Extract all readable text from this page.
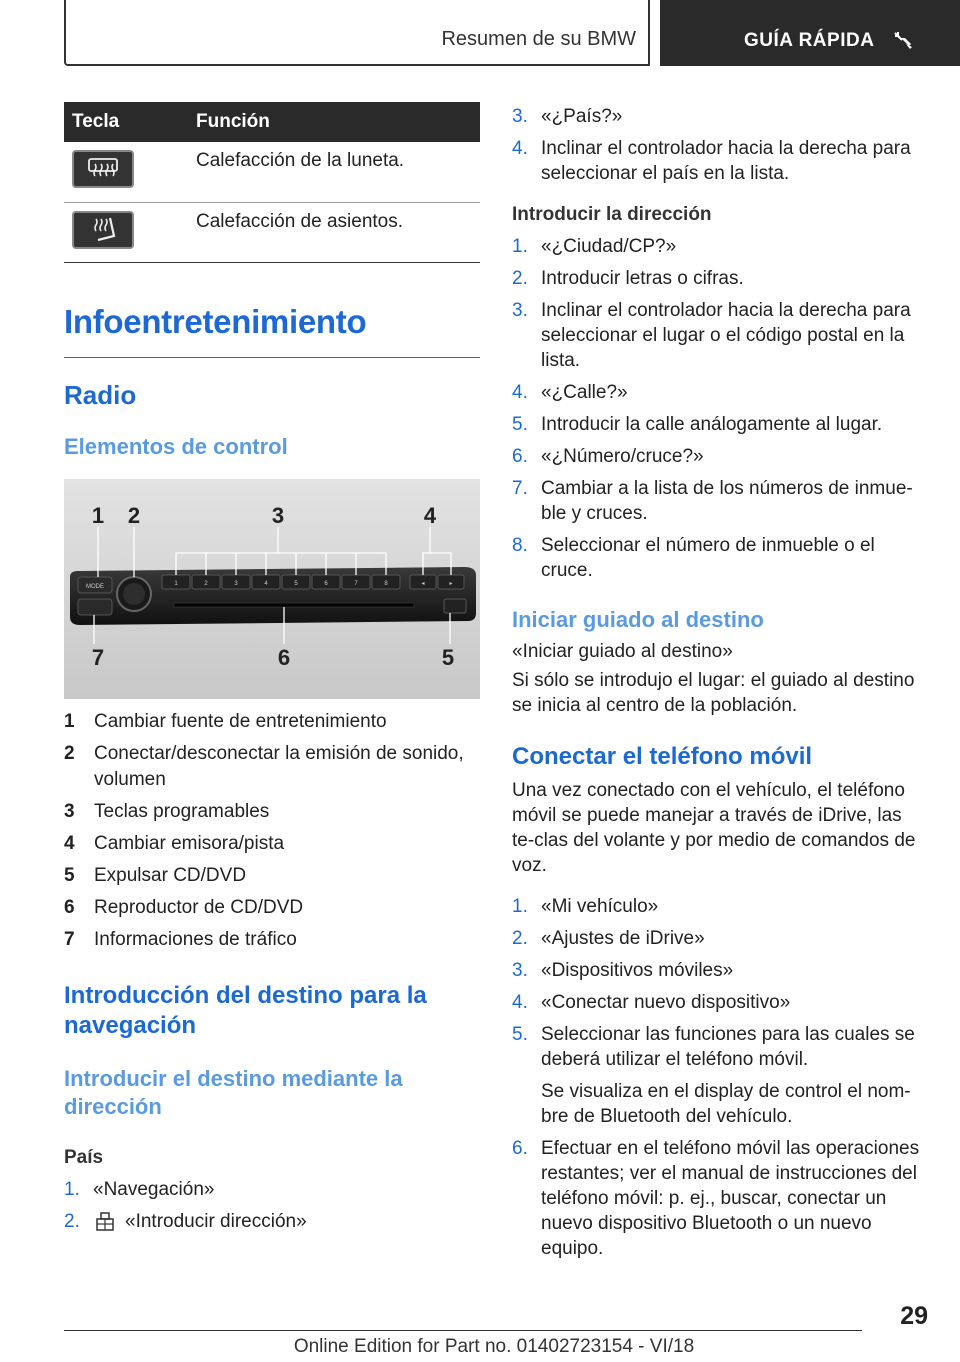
Resumen de su BMW	GUÍA RÁPIDA
Tecla	Función

	Calefacción de la luneta.

	Calefacción de asientos.
Infoentretenimiento
Radio
Elementos de control
MODE	1	2	3	4	5	6	7	8	◂	▸
1 2	3	4
5
6
7
1	Cambiar fuente de entretenimiento
2	Conectar/desconectar la emisión de sonido, volumen
3	Teclas programables
4	Cambiar emisora/pista
5	Expulsar CD/DVD
6	Reproductor de CD/DVD
7	Informaciones de tráfico
Introducción del destino para la navegación
Introducir el destino mediante la dirección
País
1. «Navegación»
2.	«Introducir dirección»
3. «¿País?»
4. Inclinar el controlador hacia la derecha para seleccionar el país en la lista.
Introducir la dirección
1. «¿Ciudad/CP?»
2. Introducir letras o cifras.
3. Inclinar el controlador hacia la derecha para seleccionar el lugar o el código postal en la lista.
4. «¿Calle?»
5. Introducir la calle análogamente al lugar.
6. «¿Número/cruce?»
7. Cambiar a la lista de los números de inmue-ble y cruces.
8. Seleccionar el número de inmueble o el cruce.
Iniciar guiado al destino
«Iniciar guiado al destino»
Si sólo se introdujo el lugar: el guiado al destino se inicia al centro de la población.
Conectar el teléfono móvil
Una vez conectado con el vehículo, el teléfono móvil se puede manejar a través de iDrive, las te-clas del volante y por medio de comandos de voz.
1. «Mi vehículo»
2. «Ajustes de iDrive»
3. «Dispositivos móviles»
4. «Conectar nuevo dispositivo»
5. Seleccionar las funciones para las cuales se deberá utilizar el teléfono móvil.
Se visualiza en el display de control el nom-bre de Bluetooth del vehículo.
6. Efectuar en el teléfono móvil las operaciones restantes; ver el manual de instrucciones del teléfono móvil: p. ej., buscar, conectar un nuevo dispositivo Bluetooth o un nuevo equipo.
29
Online Edition for Part no. 01402723154 - VI/18
